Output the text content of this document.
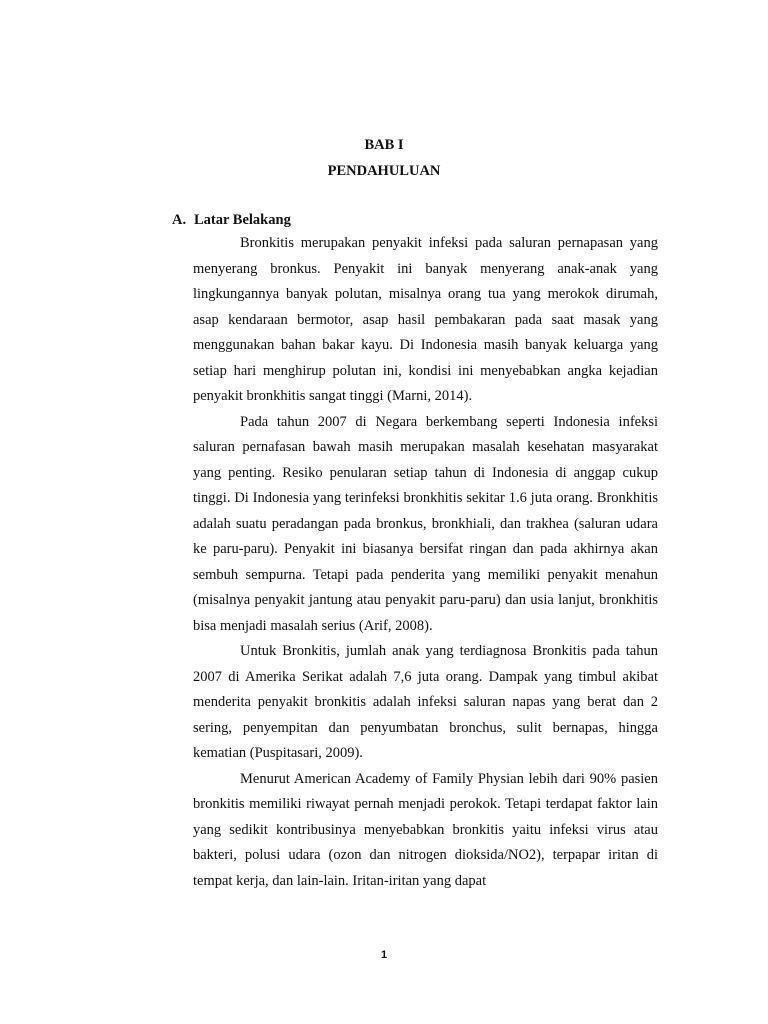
BAB I
PENDAHULUAN
A. Latar Belakang

Bronkitis merupakan penyakit infeksi pada saluran pernapasan yang menyerang bronkus. Penyakit ini banyak menyerang anak-anak yang lingkungannya banyak polutan, misalnya orang tua yang merokok dirumah, asap kendaraan bermotor, asap hasil pembakaran pada saat masak yang menggunakan bahan bakar kayu. Di Indonesia masih banyak keluarga yang setiap hari menghirup polutan ini, kondisi ini menyebabkan angka kejadian penyakit bronkhitis sangat tinggi (Marni, 2014).

Pada tahun 2007 di Negara berkembang seperti Indonesia infeksi saluran pernafasan bawah masih merupakan masalah kesehatan masyarakat yang penting. Resiko penularan setiap tahun di Indonesia di anggap cukup tinggi. Di Indonesia yang terinfeksi bronkhitis sekitar 1.6 juta orang. Bronkhitis adalah suatu peradangan pada bronkus, bronkhiali, dan trakhea (saluran udara ke paru-paru). Penyakit ini biasanya bersifat ringan dan pada akhirnya akan sembuh sempurna. Tetapi pada penderita yang memiliki penyakit menahun (misalnya penyakit jantung atau penyakit paru-paru) dan usia lanjut, bronkhitis bisa menjadi masalah serius (Arif, 2008).

Untuk Bronkitis, jumlah anak yang terdiagnosa Bronkitis pada tahun 2007 di Amerika Serikat adalah 7,6 juta orang. Dampak yang timbul akibat menderita penyakit bronkitis adalah infeksi saluran napas yang berat dan 2 sering, penyempitan dan penyumbatan bronchus, sulit bernapas, hingga kematian (Puspitasari, 2009).

Menurut American Academy of Family Physian lebih dari 90% pasien bronkitis memiliki riwayat pernah menjadi perokok. Tetapi terdapat faktor lain yang sedikit kontribusinya menyebabkan bronkitis yaitu infeksi virus atau bakteri, polusi udara (ozon dan nitrogen dioksida/NO2), terpapar iritan di tempat kerja, dan lain-lain. Iritan-iritan yang dapat

1
